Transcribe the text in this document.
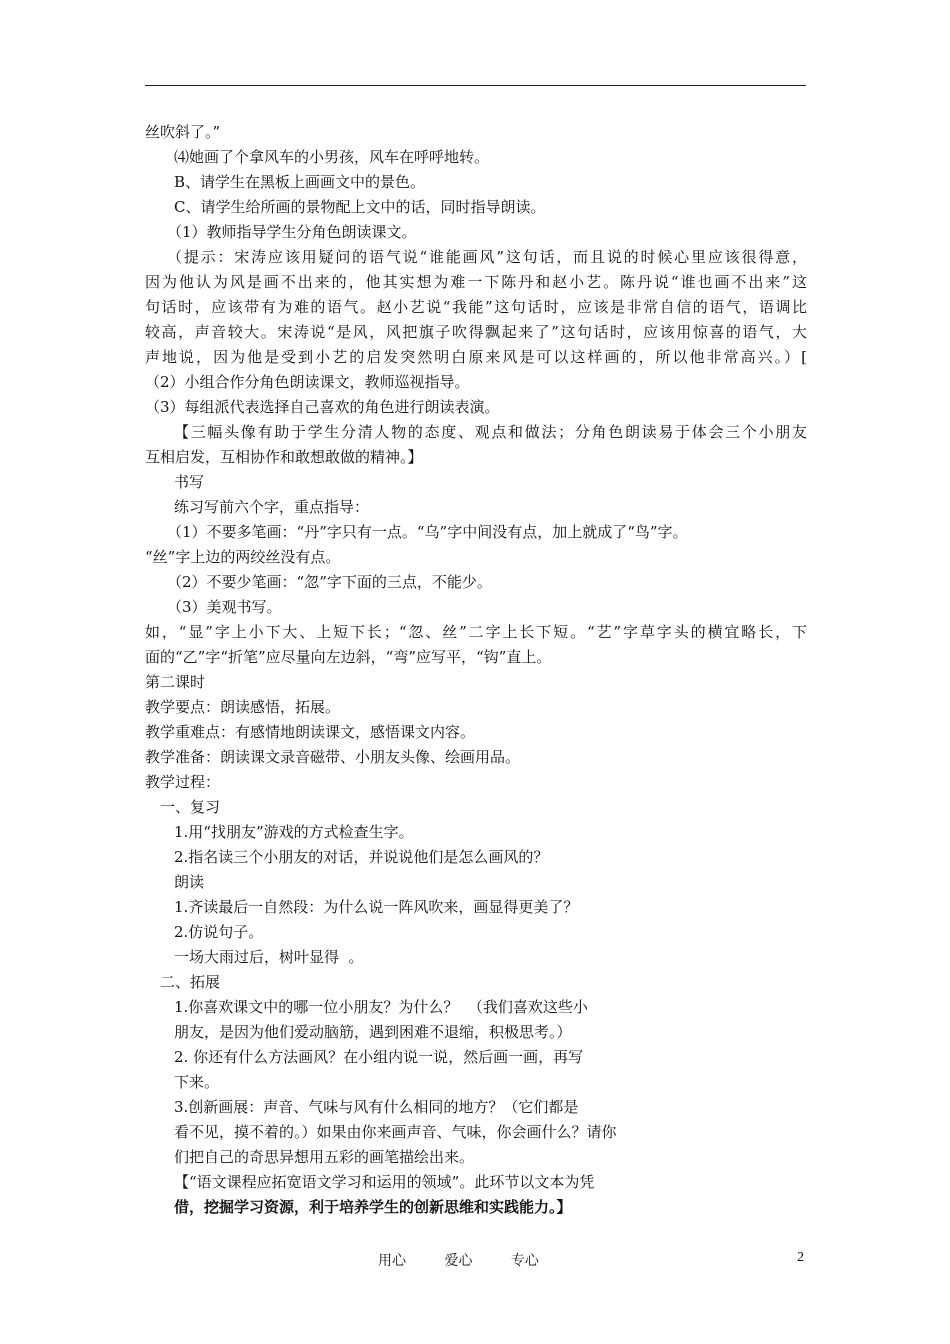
丝吹斜了。”
⑷她画了个拿风车的小男孩，风车在呼呼地转。
B、请学生在黑板上画画文中的景色。
C、请学生给所画的景物配上文中的话，同时指导朗读。
（1）教师指导学生分角色朗读课文。
（提示：宋涛应该用疑问的语气说“谁能画风”这句话，而且说的时候心里应该很得意，
因为他认为风是画不出来的，他其实想为难一下陈丹和赵小艺。陈丹说“谁也画不出来”这
句话时，应该带有为难的语气。赵小艺说“我能”这句话时，应该是非常自信的语气，语调比
较高，声音较大。宋涛说“是风，风把旗子吹得飘起来了”这句话时，应该用惊喜的语气，大
声地说，因为他是受到小艺的启发突然明白原来风是可以这样画的，所以他非常高兴。）[
（2）小组合作分角色朗读课文，教师巡视指导。
（3）每组派代表选择自己喜欢的角色进行朗读表演。
【三幅头像有助于学生分清人物的态度、观点和做法；分角色朗读易于体会三个小朋友
互相启发，互相协作和敢想敢做的精神。】
书写
练习写前六个字，重点指导：
（1）不要多笔画：“丹”字只有一点。“乌”字中间没有点，加上就成了“鸟”字。
“丝”字上边的两绞丝没有点。
（2）不要少笔画：“忽”字下面的三点，不能少。
（3）美观书写。
如，“显”字上小下大、上短下长；“忽、丝”二字上长下短。“艺”字草字头的横宜略长，下
面的“乙”字“折笔”应尽量向左边斜，“弯”应写平，“钩”直上。
第二课时
教学要点：朗读感悟，拓展。
教学重难点：有感情地朗读课文，感悟课文内容。
教学准备：朗读课文录音磁带、小朋友头像、绘画用品。
教学过程：
一、复习
1.用“找朋友”游戏的方式检查生字。
2.指名读三个小朋友的对话，并说说他们是怎么画风的？
朗读
1.齐读最后一自然段：为什么说一阵风吹来，画显得更美了？
2.仿说句子。
一场大雨过后，树叶显得  。
二、拓展
1.你喜欢课文中的哪一位小朋友？为什么？  （我们喜欢这些小
朋友，是因为他们爱动脑筋，遇到困难不退缩，积极思考。）
2. 你还有什么方法画风？在小组内说一说，然后画一画，再写
下来。
3.创新画展：声音、气味与风有什么相同的地方？（它们都是
看不见，摸不着的。）如果由你来画声音、气味，你会画什么？请你
们把自己的奇思异想用五彩的画笔描绘出来。
【“语文课程应拓宽语文学习和运用的领域”。此环节以文本为凭
借，挖掘学习资源，利于培养学生的创新思维和实践能力。】
用心	爱心	专心	2
